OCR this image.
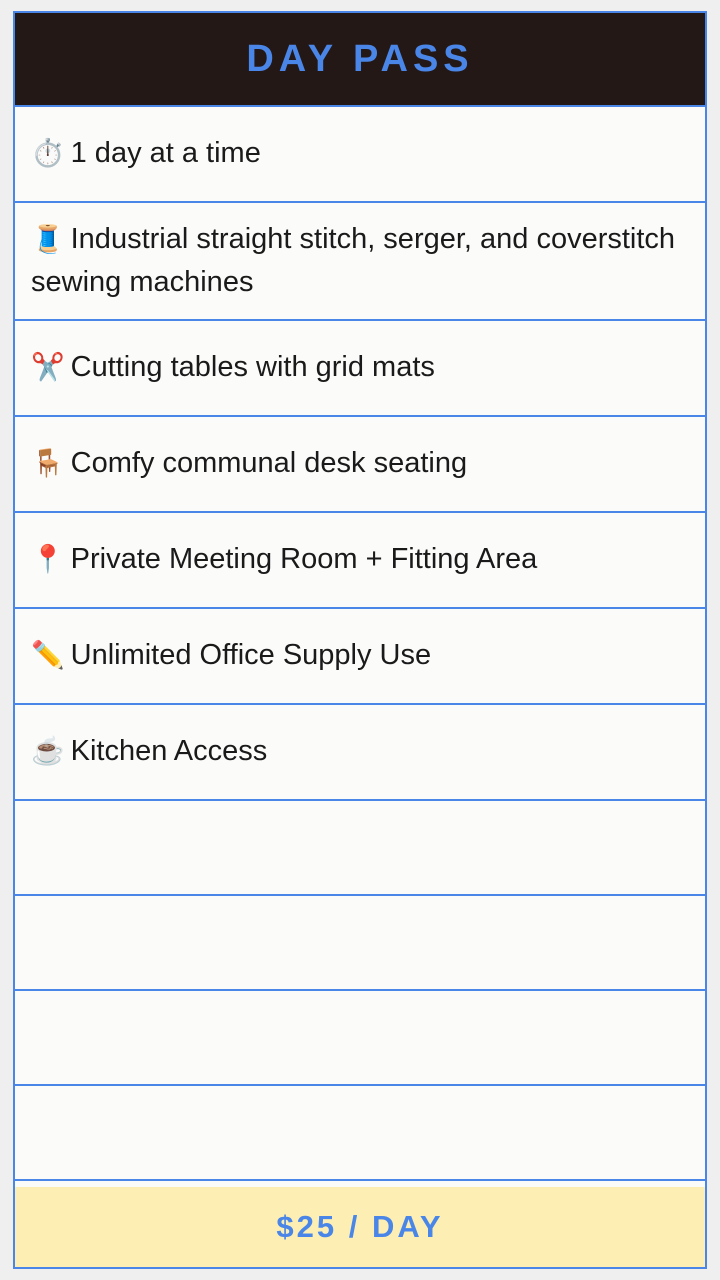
DAY PASS
⏱️ 1 day at a time
🧵 Industrial straight stitch, serger, and coverstitch sewing machines
✂️ Cutting tables with grid mats
🪑 Comfy communal desk seating
📍 Private Meeting Room + Fitting Area
✏️ Unlimited Office Supply Use
☕ Kitchen Access
$25 / DAY
